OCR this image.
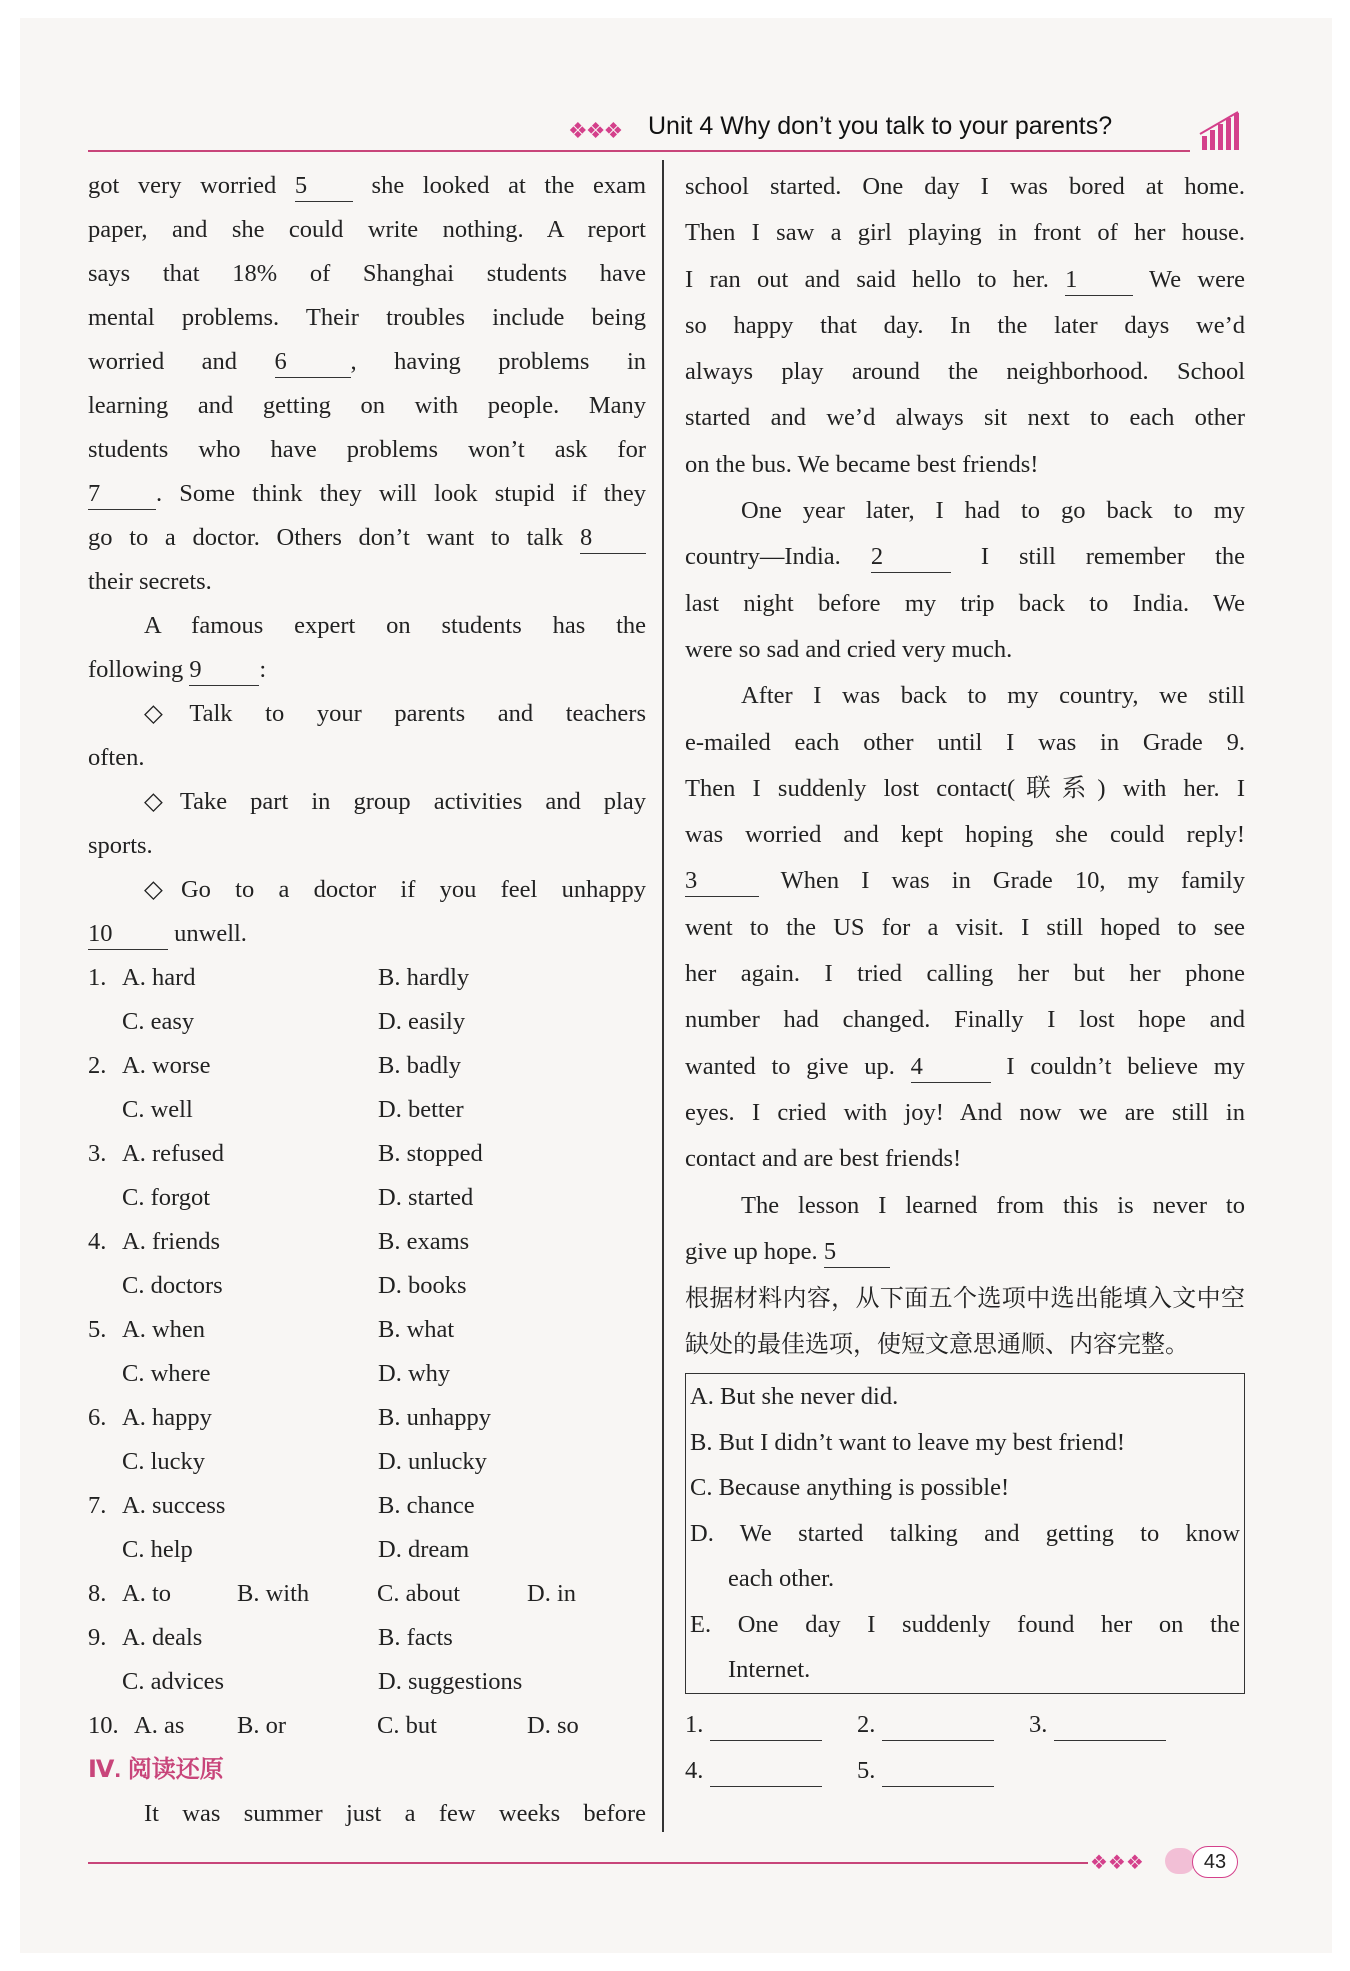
❖❖❖ Unit 4 Why don’t you talk to your parents?
got very worried 5	she looked at the exam
paper, and she could write nothing. A report
says that 18% of Shanghai students have
mental problems. Their troubles include being
worried and 6	, having problems in
learning and getting on with people. Many
students who have problems won’t ask for
7 . Some think they will look stupid if they
go to a doctor. Others don’t want to talk 8
their secrets.
A famous expert on students has the
following 9 :
◇Talk to your parents and teachers
often.
◇Take part in group activities and play
sports.
◇Go to a doctor if you feel unhappy
10	unwell.
1. A. hard	B. hardly
C. easy	D. easily
2. A. worse	B. badly
C. well	D. better
3. A. refused	B. stopped
C. forgot	D. started
4. A. friends	B. exams
C. doctors	D. books
5. A. when	B. what
C. where	D. why
6. A. happy	B. unhappy
C. lucky	D. unlucky
7. A. success	B. chance
C. help	D. dream
8. A. to	B. with	C. about	D. in
9. A. deals	B. facts
C. advices	D. suggestions
10. A. as	B. or	C. but	D. so
Ⅳ. 阅读还原
It was summer just a few weeks before
school started. One day I was bored at home.
Then I saw a girl playing in front of her house.
I ran out and said hello to her. 1	We were
so happy that day. In the later days we’d
always play around the neighborhood. School
started and we’d always sit next to each other
on the bus. We became best friends!
One year later, I had to go back to my
country—India. 2	I still remember the
last night before my trip back to India. We
were so sad and cried very much.
After I was back to my country, we still
e-mailed each other until I was in Grade 9.
Then I suddenly lost contact(联系) with her. I
was worried and kept hoping she could reply!
3	When I was in Grade 10, my family
went to the US for a visit. I still hoped to see
her again. I tried calling her but her phone
number had changed. Finally I lost hope and
wanted to give up. 4	I couldn’t believe my
eyes. I cried with joy! And now we are still in
contact and are best friends!
The lesson I learned from this is never to
give up hope. 5
根据材料内容，从下面五个选项中选出能填入文中空缺处的最佳选项，使短文意思通顺、内容完整。
A. But she never did.
B. But I didn’t want to leave my best friend!
C. Because anything is possible!
D. We started talking and getting to know
each other.
E. One day I suddenly found her on the
Internet.
1.	2.	3.
4.	5.
❖❖❖	43
